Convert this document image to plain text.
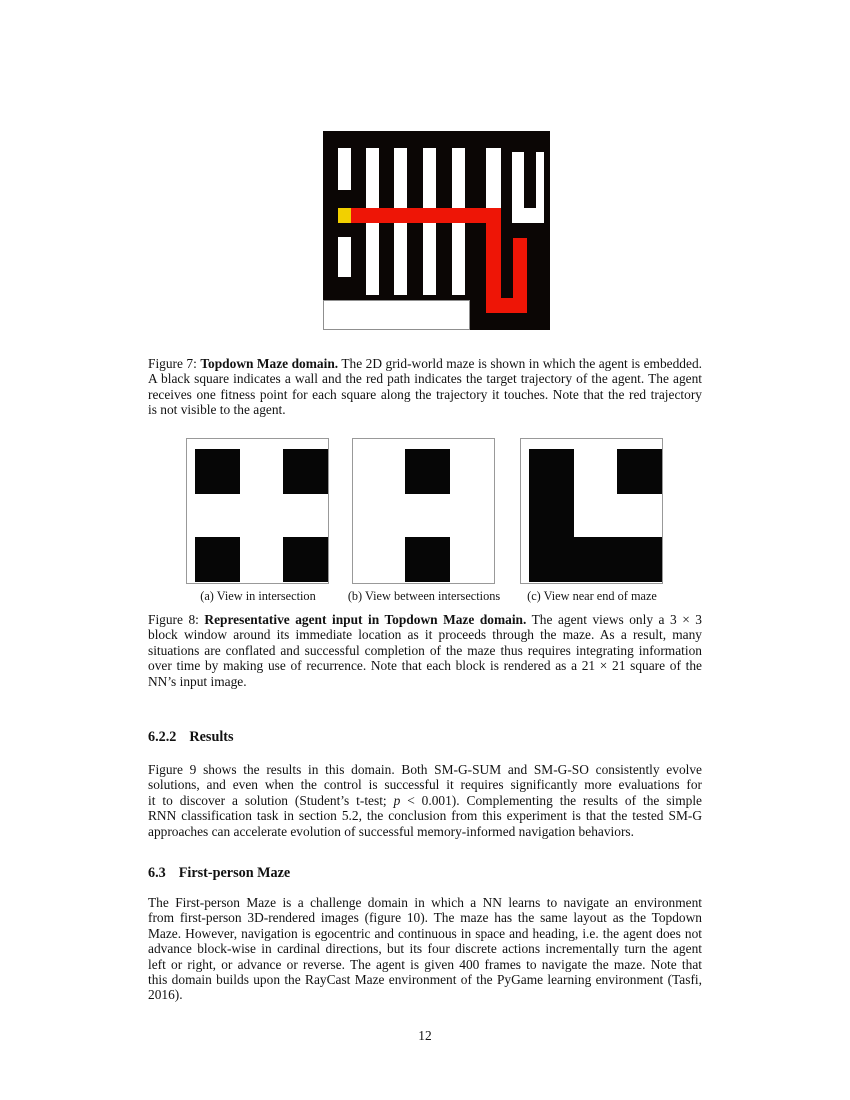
Figure 7: Topdown Maze domain. The 2D grid-world maze is shown in which the agent is embedded.
A black square indicates a wall and the red path indicates the target trajectory of the agent. The agent
receives one fitness point for each square along the trajectory it touches. Note that the red trajectory
is not visible to the agent.
(a) View in intersection	(b) View between intersections	(c) View near end of maze
Figure 8: Representative agent input in Topdown Maze domain. The agent views only a 3 × 3
block window around its immediate location as it proceeds through the maze. As a result, many
situations are conflated and successful completion of the maze thus requires integrating information
over time by making use of recurrence. Note that each block is rendered as a 21 × 21 square of the
NN’s input image.
6.2.2 Results
Figure 9 shows the results in this domain. Both SM-G-SUM and SM-G-SO consistently evolve
solutions, and even when the control is successful it requires significantly more evaluations for
it to discover a solution (Student’s t-test; p < 0.001). Complementing the results of the simple
RNN classification task in section 5.2, the conclusion from this experiment is that the tested SM-G
approaches can accelerate evolution of successful memory-informed navigation behaviors.
6.3 First-person Maze
The First-person Maze is a challenge domain in which a NN learns to navigate an environment
from first-person 3D-rendered images (figure 10). The maze has the same layout as the Topdown
Maze. However, navigation is egocentric and continuous in space and heading, i.e. the agent does not
advance block-wise in cardinal directions, but its four discrete actions incrementally turn the agent
left or right, or advance or reverse. The agent is given 400 frames to navigate the maze. Note that
this domain builds upon the RayCast Maze environment of the PyGame learning environment (Tasfi,
2016).
12
